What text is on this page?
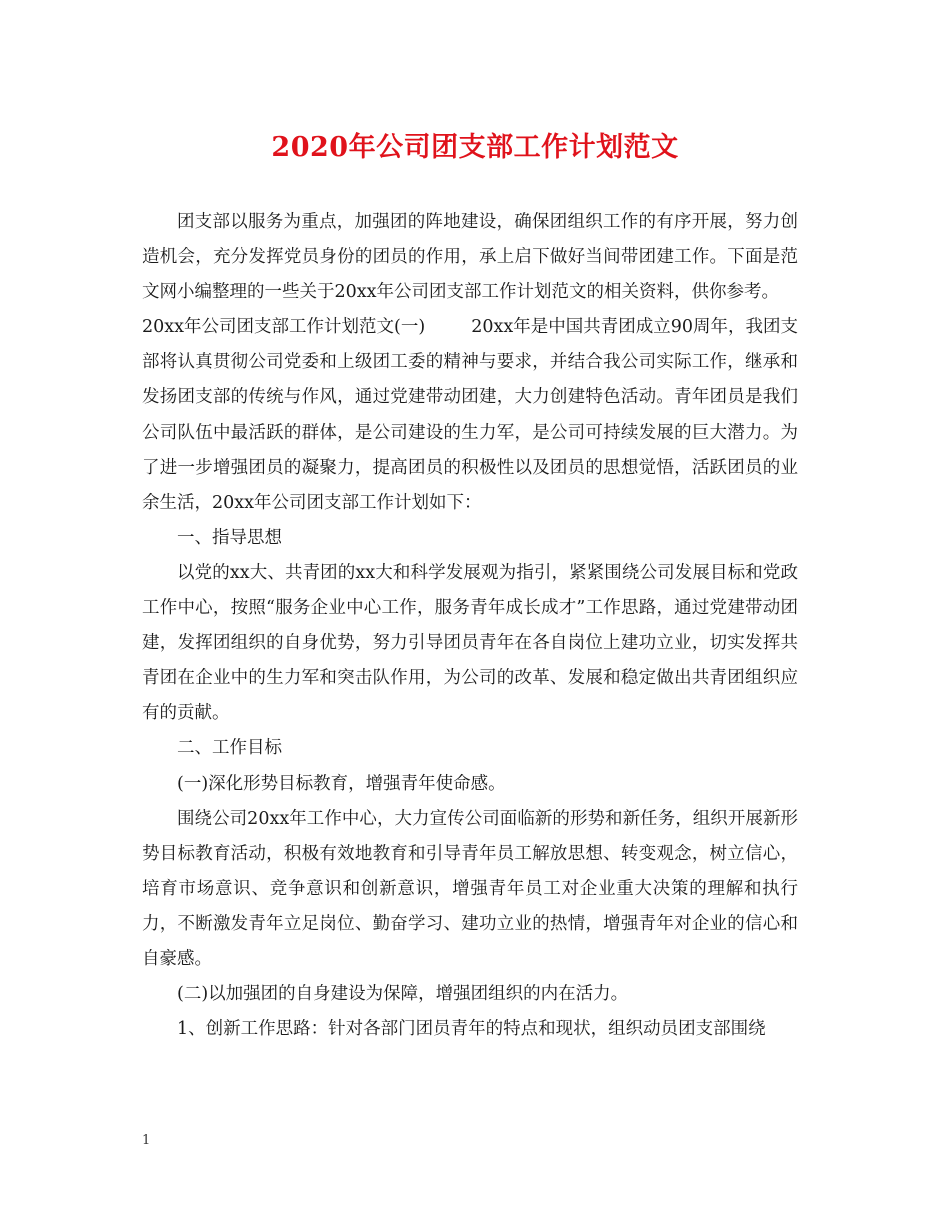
2020年公司团支部工作计划范文

团支部以服务为重点，加强团的阵地建设，确保团组织工作的有序开展，努力创造机会，充分发挥党员身份的团员的作用，承上启下做好当间带团建工作。下面是范文网小编整理的一些关于20xx年公司团支部工作计划范文的相关资料，供你参考。

20xx年公司团支部工作计划范文(一)	20xx年是中国共青团成立90周年，我团支部将认真贯彻公司党委和上级团工委的精神与要求，并结合我公司实际工作，继承和发扬团支部的传统与作风，通过党建带动团建，大力创建特色活动。青年团员是我们公司队伍中最活跃的群体，是公司建设的生力军，是公司可持续发展的巨大潜力。为了进一步增强团员的凝聚力，提高团员的积极性以及团员的思想觉悟，活跃团员的业余生活，20xx年公司团支部工作计划如下：

一、指导思想

以党的xx大、共青团的xx大和科学发展观为指引，紧紧围绕公司发展目标和党政工作中心，按照“服务企业中心工作，服务青年成长成才”工作思路，通过党建带动团建，发挥团组织的自身优势，努力引导团员青年在各自岗位上建功立业，切实发挥共青团在企业中的生力军和突击队作用，为公司的改革、发展和稳定做出共青团组织应有的贡献。

二、工作目标

(一)深化形势目标教育，增强青年使命感。

围绕公司20xx年工作中心，大力宣传公司面临新的形势和新任务，组织开展新形势目标教育活动，积极有效地教育和引导青年员工解放思想、转变观念，树立信心，培育市场意识、竞争意识和创新意识，增强青年员工对企业重大决策的理解和执行力，不断激发青年立足岗位、勤奋学习、建功立业的热情，增强青年对企业的信心和自豪感。

(二)以加强团的自身建设为保障，增强团组织的内在活力。

1、创新工作思路：针对各部门团员青年的特点和现状，组织动员团支部围绕

1
